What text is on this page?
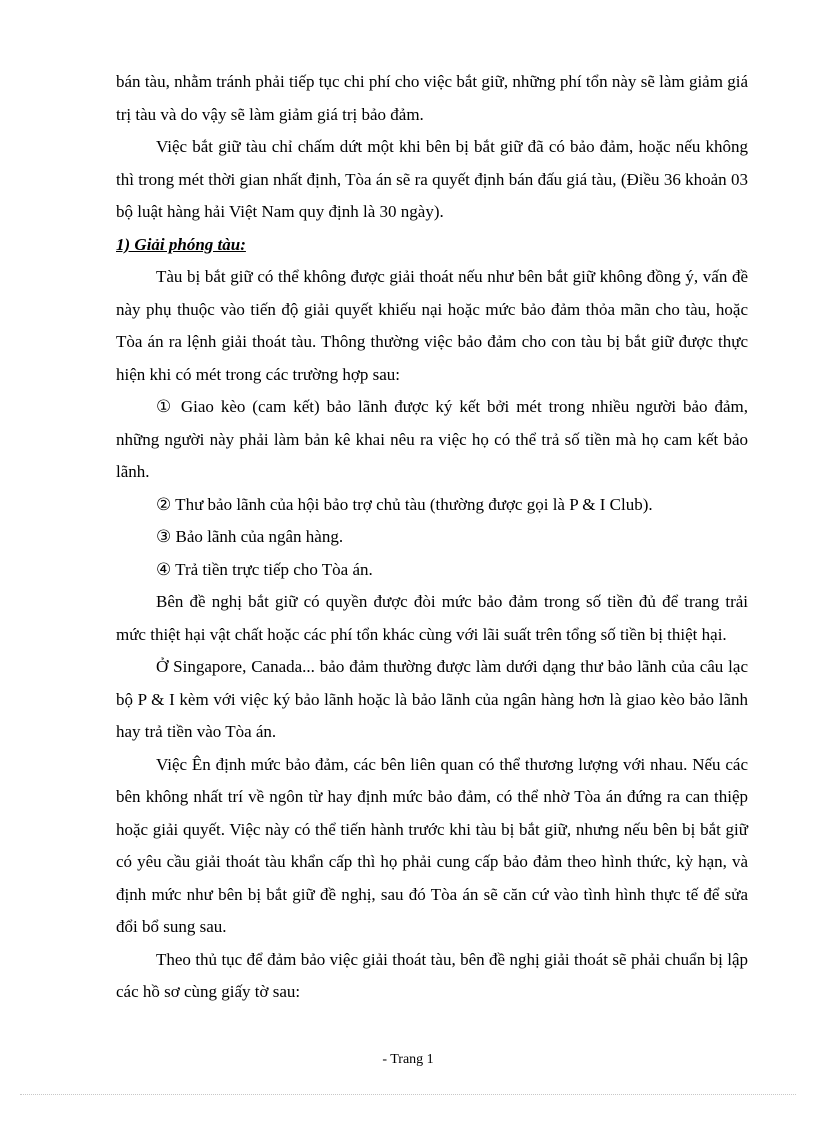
bán tàu, nhằm tránh phải tiếp tục chi phí cho việc bắt giữ, những phí tổn này sẽ làm giảm giá trị tàu và do vậy sẽ làm giảm giá trị bảo đảm.

Việc bắt giữ tàu chỉ chấm dứt một khi bên bị bắt giữ đã có bảo đảm, hoặc nếu không thì trong mét thời gian nhất định, Tòa án sẽ ra quyết định bán đấu giá tàu, (Điều 36 khoản 03 bộ luật hàng hải Việt Nam quy định là 30 ngày).

1) Giải phóng tàu:

Tàu bị bắt giữ có thể không được giải thoát nếu như bên bắt giữ không đồng ý, vấn đề này phụ thuộc vào tiến độ giải quyết khiếu nại hoặc mức bảo đảm thỏa mãn cho tàu, hoặc Tòa án ra lệnh giải thoát tàu. Thông thường việc bảo đảm cho con tàu bị bắt giữ được thực hiện khi có mét trong các trường hợp sau:

① Giao kèo (cam kết) bảo lãnh được ký kết bởi mét trong nhiều người bảo đảm, những người này phải làm bản kê khai nêu ra việc họ có thể trả số tiền mà họ cam kết bảo lãnh.

② Thư bảo lãnh của hội bảo trợ chủ tàu (thường được gọi là P & I Club).

③ Bảo lãnh của ngân hàng.

④ Trả tiền trực tiếp cho Tòa án.

Bên đề nghị bắt giữ có quyền được đòi mức bảo đảm trong số tiền đủ để trang trải mức thiệt hại vật chất hoặc các phí tổn khác cùng với lãi suất trên tổng số tiền bị thiệt hại.

Ở Singapore, Canada... bảo đảm thường được làm dưới dạng thư bảo lãnh của câu lạc bộ P & I kèm với việc ký bảo lãnh hoặc là bảo lãnh của ngân hàng hơn là giao kèo bảo lãnh hay trả tiền vào Tòa án.

Việc Ên định mức bảo đảm, các bên liên quan có thể thương lượng với nhau. Nếu các bên không nhất trí về ngôn từ hay định mức bảo đảm, có thể nhờ Tòa án đứng ra can thiệp hoặc giải quyết. Việc này có thể tiến hành trước khi tàu bị bắt giữ, nhưng nếu bên bị bắt giữ có yêu cầu giải thoát tàu khẩn cấp thì họ phải cung cấp bảo đảm theo hình thức, kỳ hạn, và định mức như bên bị bắt giữ đề nghị, sau đó Tòa án sẽ căn cứ vào tình hình thực tế để sửa đổi bổ sung sau.

Theo thủ tục để đảm bảo việc giải thoát tàu, bên đề nghị giải thoát sẽ phải chuẩn bị lập các hồ sơ cùng giấy tờ sau:

- Trang 1
